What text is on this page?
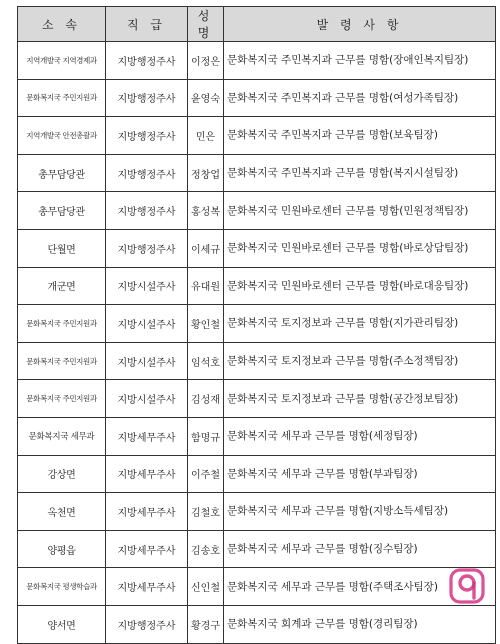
소 속	직 급	성 명	발 령 사 항
지역개발국 지역경제과	지방행정주사	이정은	문화복지국 주민복지과 근무를 명함(장애인복지팀장)
문화복지국 주민지원과	지방행정주사	윤영숙	문화복지국 주민복지과 근무를 명함(여성가족팀장)
지역개발국 안전총괄과	지방행정주사	민은	문화복지국 주민복지과 근무를 명함(보육팀장)
총무담당관	지방행정주사	정창업	문화복지국 주민복지과 근무를 명함(복지시설팀장)
총무담당관	지방행정주사	홍성복	문화복지국 민원바로센터 근무를 명함(민원정책팀장)
단월면	지방행정주사	이세규	문화복지국 민원바로센터 근무를 명함(바로상담팀장)
개군면	지방시설주사	유대원	문화복지국 민원바로센터 근무를 명함(바로대응팀장)
문화복지국 주민지원과	지방시설주사	황인철	문화복지국 토지정보과 근무를 명함(지가관리팀장)
문화복지국 주민지원과	지방시설주사	임석호	문화복지국 토지정보과 근무를 명함(주소정책팀장)
문화복지국 주민지원과	지방시설주사	김성재	문화복지국 토지정보과 근무를 명함(공간정보팀장)
문화복지국 세무과	지방세무주사	함명규	문화복지국 세무과 근무를 명함(세정팀장)
강상면	지방세무주사	이주철	문화복지국 세무과 근무를 명함(부과팀장)
옥천면	지방세무주사	김철호	문화복지국 세무과 근무를 명함(지방소득세팀장)
양평읍	지방세무주사	김송호	문화복지국 세무과 근무를 명함(징수팀장)
문화복지국 평생학습과	지방세무주사	신인철	문화복지국 세무과 근무를 명함(주택조사팀장)
양서면	지방행정주사	황경구	문화복지국 회계과 근무를 명함(경리팀장)
